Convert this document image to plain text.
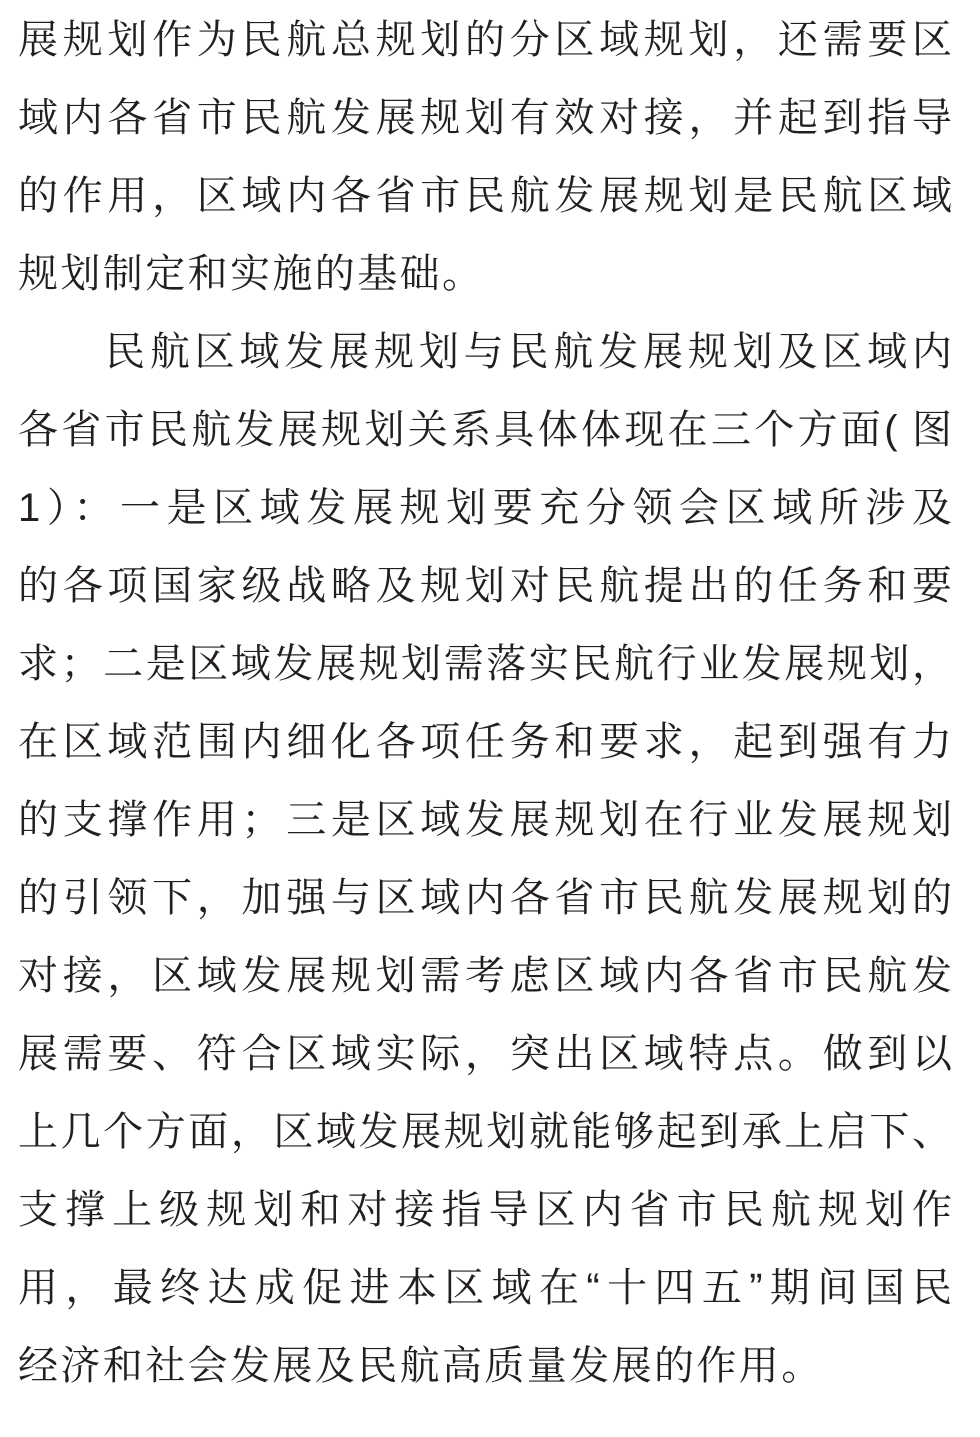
展规划作为民航总规划的分区域规划，还需要区
域内各省市民航发展规划有效对接，并起到指导
的作用，区域内各省市民航发展规划是民航区域
规划制定和实施的基础。
民航区域发展规划与民航发展规划及区域内
各省市民航发展规划关系具体体现在三个方面( 图
1）：一是区域发展规划要充分领会区域所涉及
的各项国家级战略及规划对民航提出的任务和要
求；二是区域发展规划需落实民航行业发展规划，
在区域范围内细化各项任务和要求，起到强有力
的支撑作用；三是区域发展规划在行业发展规划
的引领下，加强与区域内各省市民航发展规划的
对接，区域发展规划需考虑区域内各省市民航发
展需要、符合区域实际，突出区域特点。做到以
上几个方面，区域发展规划就能够起到承上启下、
支撑上级规划和对接指导区内省市民航规划作
用，最终达成促进本区域在“十四五”期间国民
经济和社会发展及民航高质量发展的作用。
